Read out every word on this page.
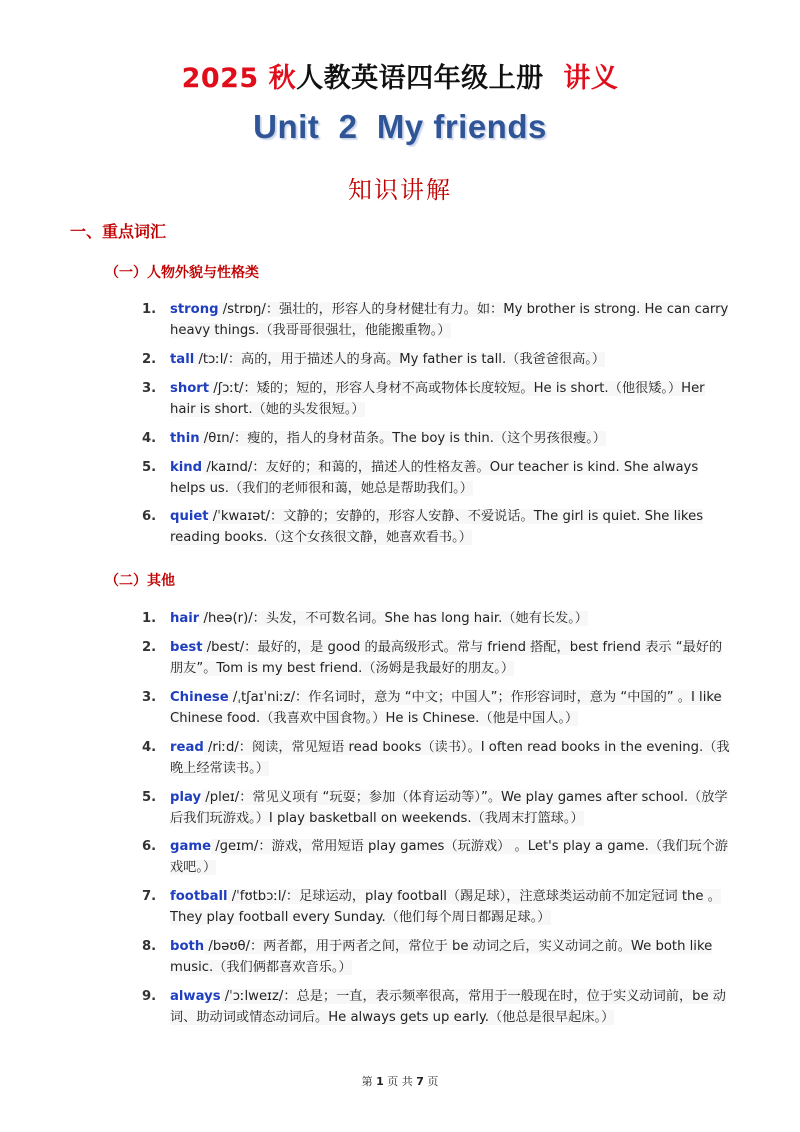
2025 秋人教英语四年级上册 讲义
Unit  2  My friends
知识讲解
一、重点词汇
（一）人物外貌与性格类
1. strong /strɒŋ/：强壮的，形容人的身材健壮有力。如：My brother is strong. He can carry heavy things.（我哥哥很强壮，他能搬重物。）
2. tall /tɔːl/：高的，用于描述人的身高。My father is tall.（我爸爸很高。）
3. short /ʃɔːt/：矮的；短的，形容人身材不高或物体长度较短。He is short.（他很矮。）Her hair is short.（她的头发很短。）
4. thin /θɪn/：瘦的，指人的身材苗条。The boy is thin.（这个男孩很瘦。）
5. kind /kaɪnd/：友好的；和蔼的，描述人的性格友善。Our teacher is kind. She always helps us.（我们的老师很和蔼，她总是帮助我们。）
6. quiet /ˈkwaɪət/：文静的；安静的，形容人安静、不爱说话。The girl is quiet. She likes reading books.（这个女孩很文静，她喜欢看书。）
（二）其他
1. hair /heə(r)/：头发，不可数名词。She has long hair.（她有长发。）
2. best /best/：最好的，是 good 的最高级形式。常与 friend 搭配，best friend 表示 “最好的朋友”。Tom is my best friend.（汤姆是我最好的朋友。）
3. Chinese /ˌtʃaɪˈniːz/：作名词时，意为 “中文；中国人”；作形容词时，意为 “中国的” 。I like Chinese food.（我喜欢中国食物。）He is Chinese.（他是中国人。）
4. read /riːd/：阅读，常见短语 read books（读书）。I often read books in the evening.（我晚上经常读书。）
5. play /pleɪ/：常见义项有 “玩耍；参加（体育运动等）”。We play games after school.（放学后我们玩游戏。）I play basketball on weekends.（我周末打篮球。）
6. game /ɡeɪm/：游戏，常用短语 play games（玩游戏） 。Let's play a game.（我们玩个游戏吧。）
7. football /ˈfʊtbɔːl/：足球运动，play football（踢足球），注意球类运动前不加定冠词 the 。They play football every Sunday.（他们每个周日都踢足球。）
8. both /bəʊθ/：两者都，用于两者之间，常位于 be 动词之后，实义动词之前。We both like music.（我们俩都喜欢音乐。）
9. always /ˈɔːlweɪz/：总是；一直，表示频率很高，常用于一般现在时，位于实义动词前，be 动词、助动词或情态动词后。He always gets up early.（他总是很早起床。）
第 1 页 共 7 页
